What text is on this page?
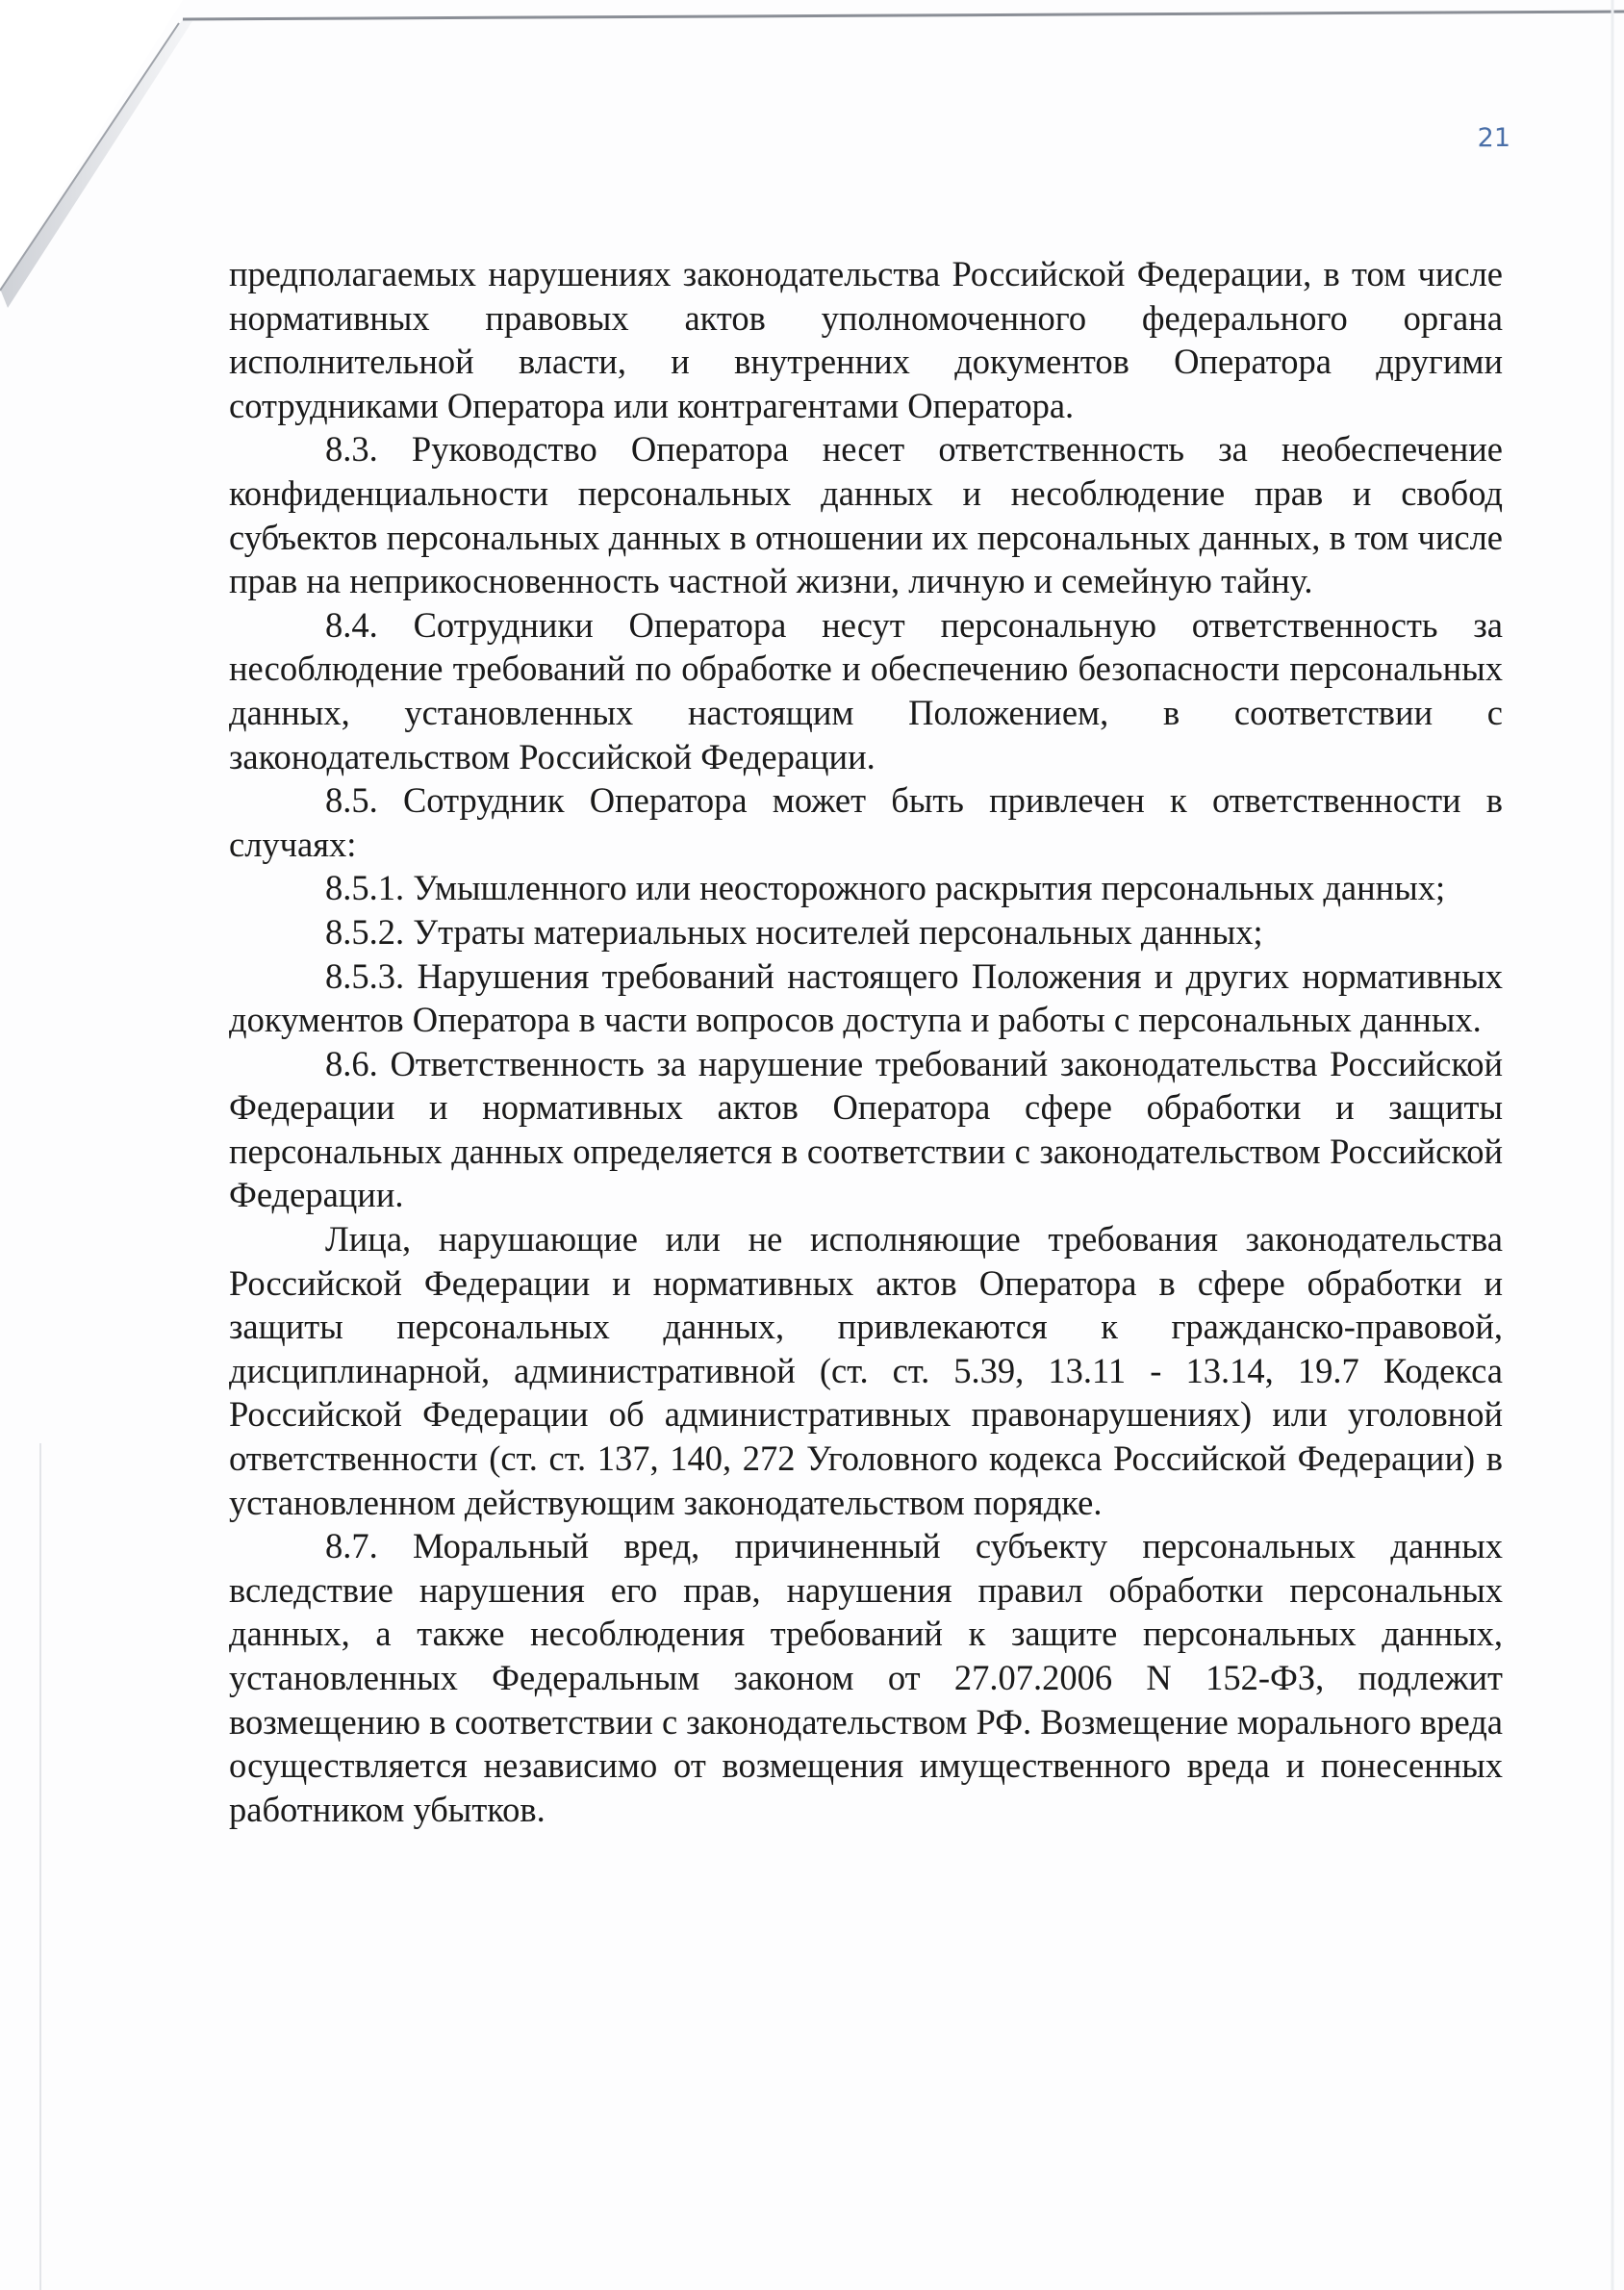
21

предполагаемых нарушениях законодательства Российской Федерации, в том числе нормативных правовых актов уполномоченного федерального органа исполнительной власти, и внутренних документов Оператора другими сотрудниками Оператора или контрагентами Оператора.

8.3. Руководство Оператора несет ответственность за необеспечение конфиденциальности персональных данных и несоблюдение прав и свобод субъектов персональных данных в отношении их персональных данных, в том числе прав на неприкосновенность частной жизни, личную и семейную тайну.

8.4. Сотрудники Оператора несут персональную ответственность за несоблюдение требований по обработке и обеспечению безопасности персональных данных, установленных настоящим Положением, в соответствии с законодательством Российской Федерации.

8.5. Сотрудник Оператора может быть привлечен к ответственности в случаях:

8.5.1. Умышленного или неосторожного раскрытия персональных данных;

8.5.2. Утраты материальных носителей персональных данных;

8.5.3. Нарушения требований настоящего Положения и других нормативных документов Оператора в части вопросов доступа и работы с персональных данных.

8.6. Ответственность за нарушение требований законодательства Российской Федерации и нормативных актов Оператора сфере обработки и защиты персональных данных определяется в соответствии с законодательством Российской Федерации.

Лица, нарушающие или не исполняющие требования законодательства Российской Федерации и нормативных актов Оператора в сфере обработки и защиты персональных данных, привлекаются к гражданско-правовой, дисциплинарной, административной (ст. ст. 5.39, 13.11 - 13.14, 19.7 Кодекса Российской Федерации об административных правонарушениях) или уголовной ответственности (ст. ст. 137, 140, 272 Уголовного кодекса Российской Федерации) в установленном действующим законодательством порядке.

8.7. Моральный вред, причиненный субъекту персональных данных вследствие нарушения его прав, нарушения правил обработки персональных данных, а также несоблюдения требований к защите персональных данных, установленных Федеральным законом от 27.07.2006 N 152-ФЗ, подлежит возмещению в соответствии с законодательством РФ. Возмещение морального вреда осуществляется независимо от возмещения имущественного вреда и понесенных работником убытков.
